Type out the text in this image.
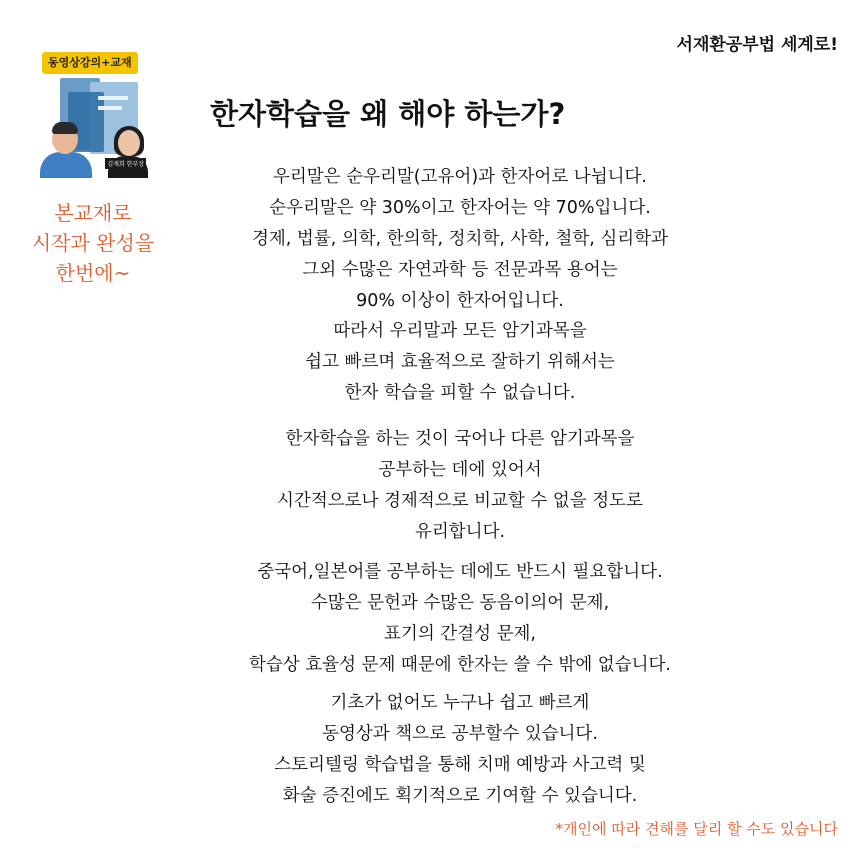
서재환공부법 세계로!
동영상강의+교재
김재희 한부장
본교재로
시작과 완성을
한번에~
한자학습을 왜 해야 하는가?
우리말은 순우리말(고유어)과 한자어로 나뉩니다.
순우리말은 약 30%이고 한자어는 약 70%입니다.
경제, 법률, 의학, 한의학, 정치학, 사학, 철학, 심리학과
그외 수많은 자연과학 등 전문과목 용어는
90% 이상이 한자어입니다.
따라서 우리말과 모든 암기과목을
쉽고 빠르며 효율적으로 잘하기 위해서는
한자 학습을 피할 수 없습니다.
한자학습을 하는 것이 국어나 다른 암기과목을
공부하는 데에 있어서
시간적으로나 경제적으로 비교할 수 없을 정도로
유리합니다.
중국어,일본어를 공부하는 데에도 반드시 필요합니다.
수많은 문헌과 수많은 동음이의어 문제,
표기의 간결성 문제,
학습상 효율성 문제 때문에 한자는 쓸 수 밖에 없습니다.
기초가 없어도 누구나 쉽고 빠르게
동영상과 책으로 공부할수 있습니다.
스토리텔링 학습법을 통해 치매 예방과 사고력 및
화술 증진에도 획기적으로 기여할 수 있습니다.
*개인에 따라 견해를 달리 할 수도 있습니다
